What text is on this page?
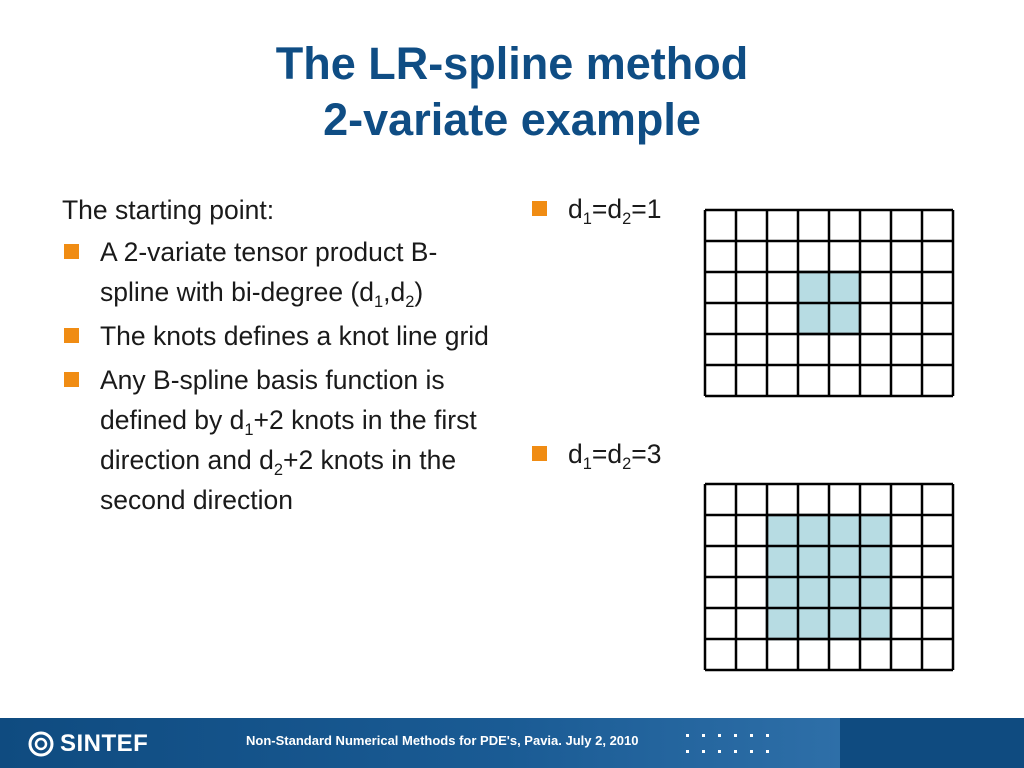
The LR-spline method
2-variate example
The starting point:
A 2-variate tensor product B-spline with bi-degree $(d_1,d_2)$
The knots defines a knot line grid
Any B-spline basis function is defined by $d_1+2$ knots in the first direction and $d_2+2$ knots in the second direction
$d_1=d_2=1$
$d_1=d_2=3$
SINTEF	Non-Standard Numerical Methods for PDE's, Pavia. July 2, 2010
